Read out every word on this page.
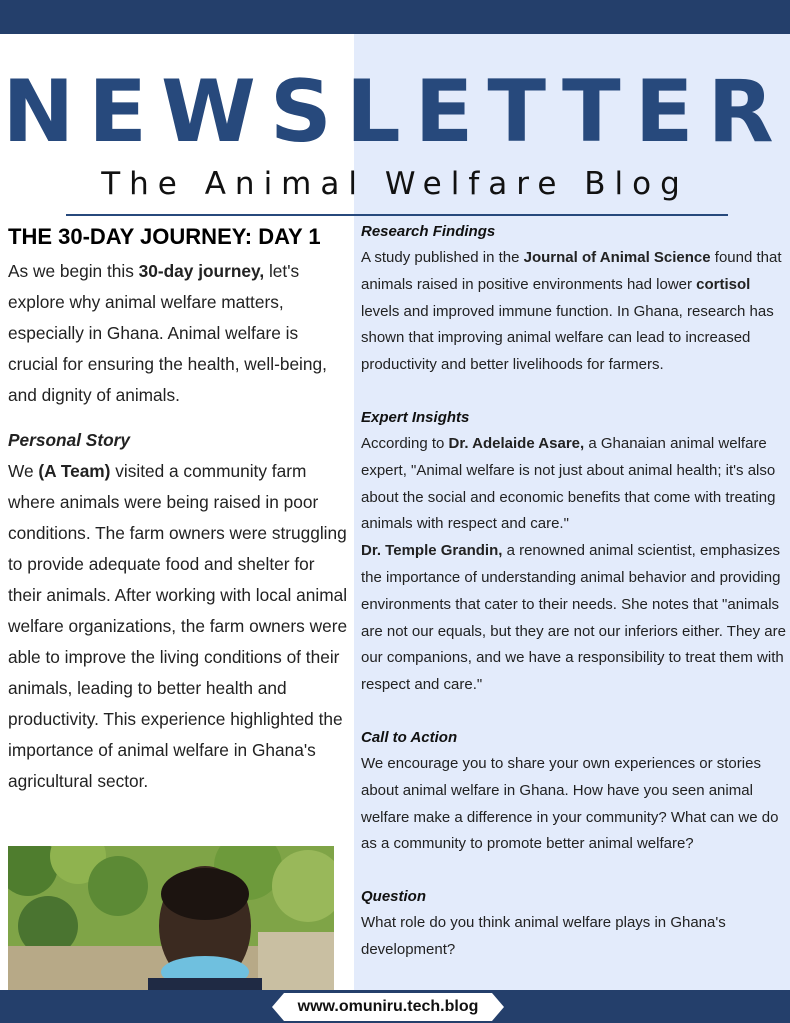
NEWSLETTER
The Animal Welfare Blog
THE 30-DAY JOURNEY: DAY 1

As we begin this 30-day journey, let's explore why animal welfare matters, especially in Ghana. Animal welfare is crucial for ensuring the health, well-being, and dignity of animals.

Personal Story

We (A Team) visited a community farm where animals were being raised in poor conditions. The farm owners were struggling to provide adequate food and shelter for their animals. After working with local animal welfare organizations, the farm owners were able to improve the living conditions of their animals, leading to better health and productivity. This experience highlighted the importance of animal welfare in Ghana's agricultural sector.

Research Findings

A study published in the Journal of Animal Science found that animals raised in positive environments had lower cortisol levels and improved immune function. In Ghana, research has shown that improving animal welfare can lead to increased productivity and better livelihoods for farmers.

Expert Insights

According to Dr. Adelaide Asare, a Ghanaian animal welfare expert, "Animal welfare is not just about animal health; it's also about the social and economic benefits that come with treating animals with respect and care."

Dr. Temple Grandin, a renowned animal scientist, emphasizes the importance of understanding animal behavior and providing environments that cater to their needs. She notes that "animals are not our equals, but they are not our inferiors either. They are our companions, and we have a responsibility to treat them with respect and care."

Call to Action

We encourage you to share your own experiences or stories about animal welfare in Ghana. How have you seen animal welfare make a difference in your community? What can we do as a community to promote better animal welfare?

Question

What role do you think animal welfare plays in Ghana's development?

www.omuniru.tech.blog
